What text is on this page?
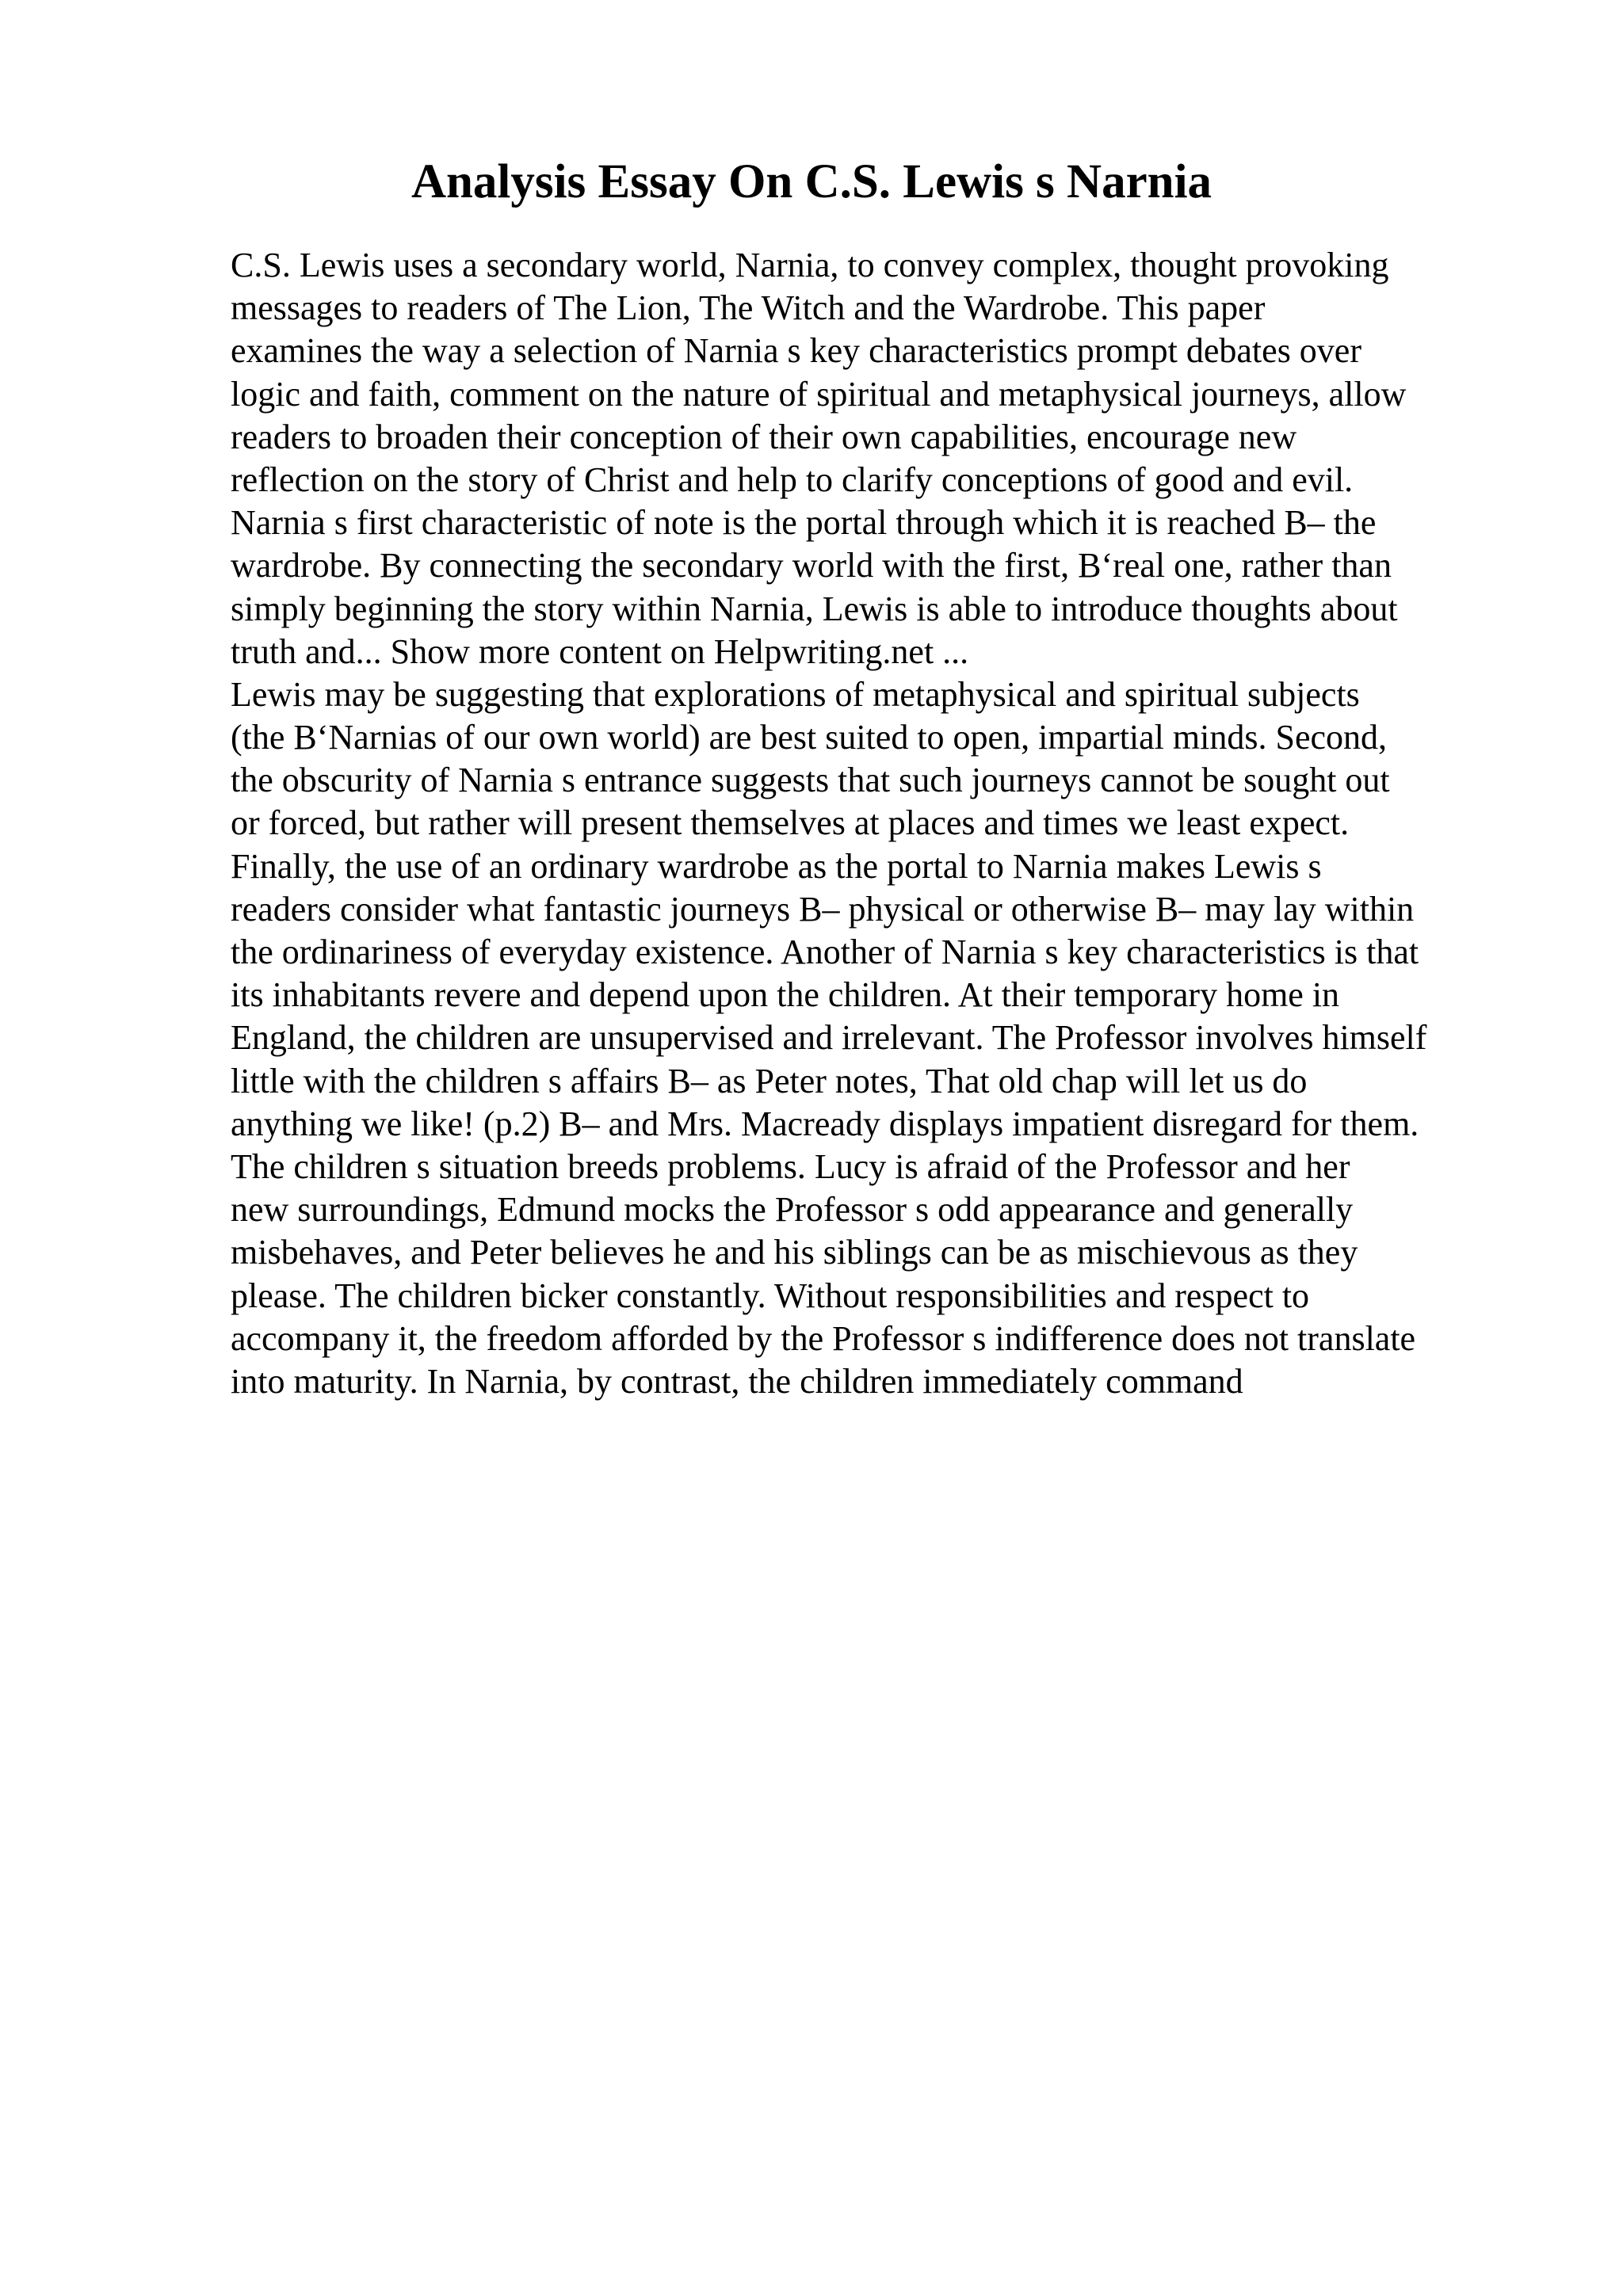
Analysis Essay On C.S. Lewis s Narnia
C.S. Lewis uses a secondary world, Narnia, to convey complex, thought provoking
messages to readers of The Lion, The Witch and the Wardrobe. This paper
examines the way a selection of Narnia s key characteristics prompt debates over
logic and faith, comment on the nature of spiritual and metaphysical journeys, allow
readers to broaden their conception of their own capabilities, encourage new
reflection on the story of Christ and help to clarify conceptions of good and evil.
Narnia s first characteristic of note is the portal through which it is reached B– the
wardrobe. By connecting the secondary world with the first, B‘real one, rather than
simply beginning the story within Narnia, Lewis is able to introduce thoughts about
truth and... Show more content on Helpwriting.net ...
Lewis may be suggesting that explorations of metaphysical and spiritual subjects
(the B‘Narnias of our own world) are best suited to open, impartial minds. Second,
the obscurity of Narnia s entrance suggests that such journeys cannot be sought out
or forced, but rather will present themselves at places and times we least expect.
Finally, the use of an ordinary wardrobe as the portal to Narnia makes Lewis s
readers consider what fantastic journeys B– physical or otherwise B– may lay within
the ordinariness of everyday existence. Another of Narnia s key characteristics is that
its inhabitants revere and depend upon the children. At their temporary home in
England, the children are unsupervised and irrelevant. The Professor involves himself
little with the children s affairs B– as Peter notes, That old chap will let us do
anything we like! (p.2) B– and Mrs. Macready displays impatient disregard for them.
The children s situation breeds problems. Lucy is afraid of the Professor and her
new surroundings, Edmund mocks the Professor s odd appearance and generally
misbehaves, and Peter believes he and his siblings can be as mischievous as they
please. The children bicker constantly. Without responsibilities and respect to
accompany it, the freedom afforded by the Professor s indifference does not translate
into maturity. In Narnia, by contrast, the children immediately command
